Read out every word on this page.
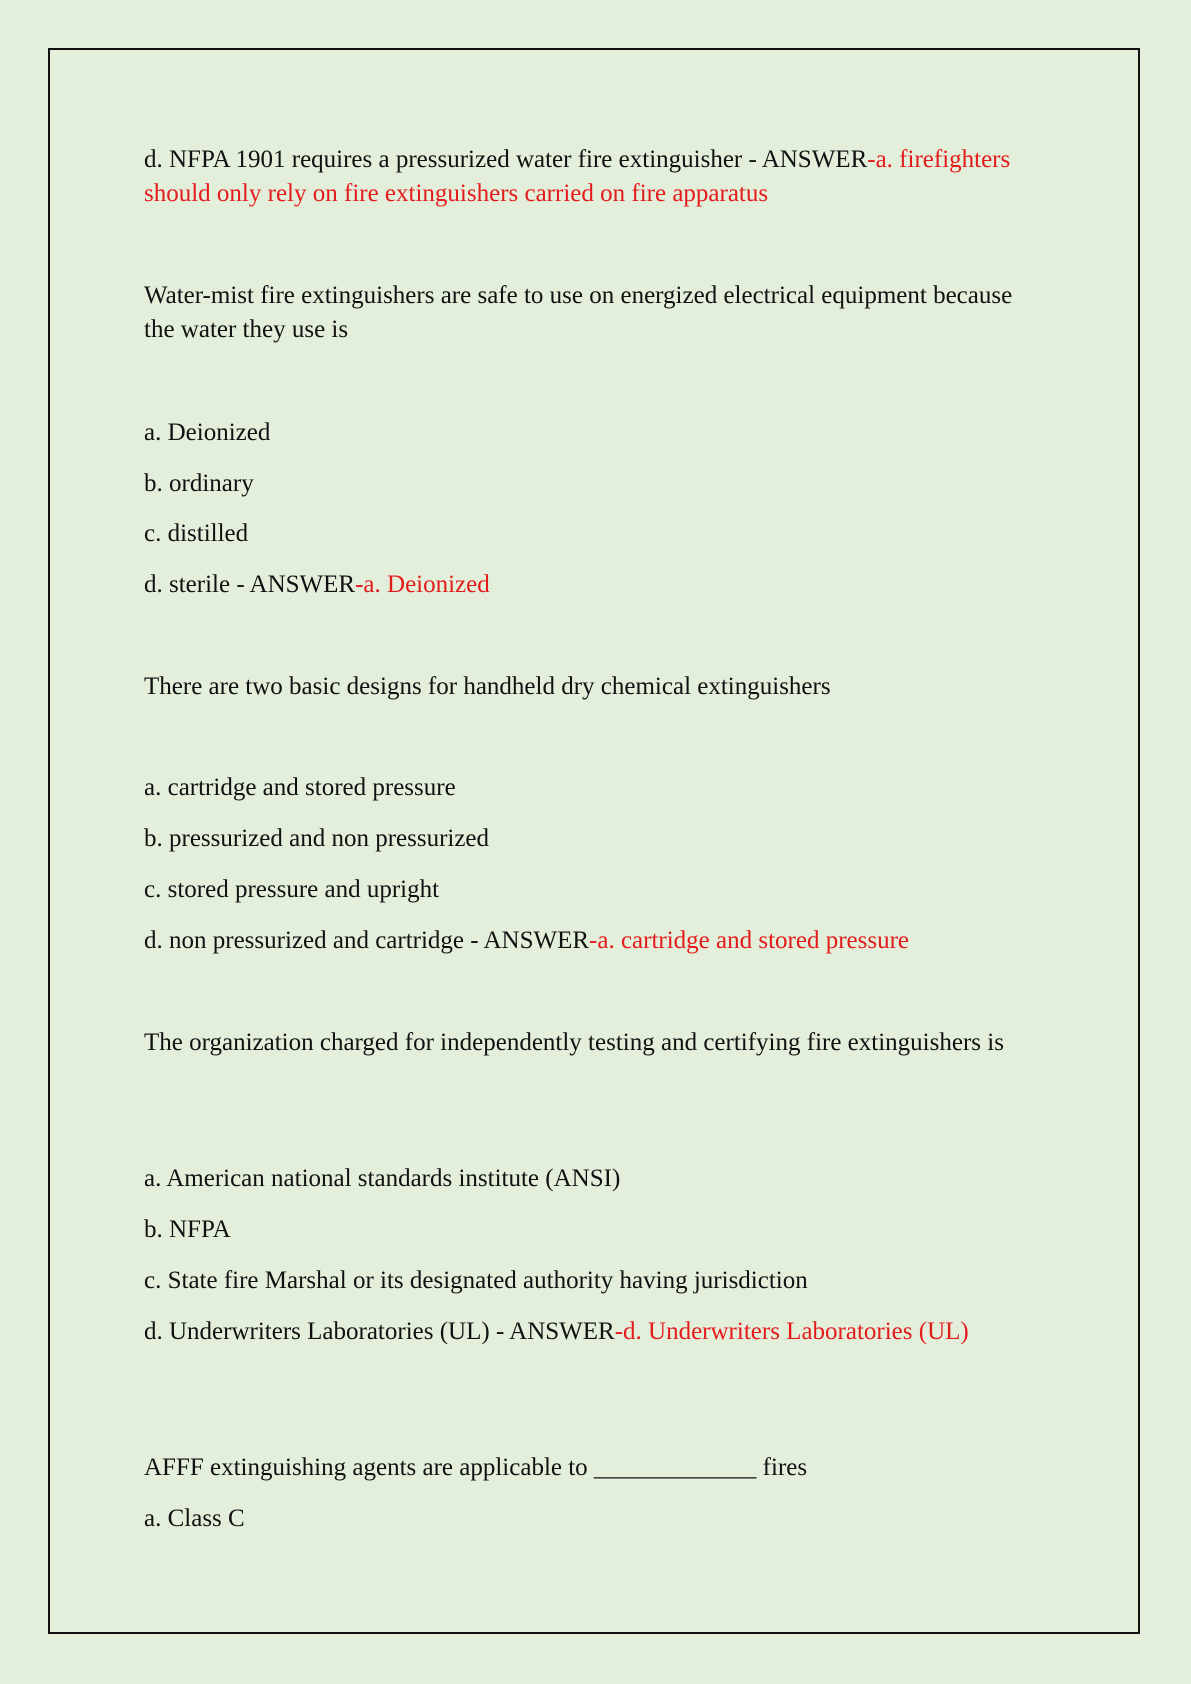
d. NFPA 1901 requires a pressurized water fire extinguisher - ANSWER-a. firefighters should only rely on fire extinguishers carried on fire apparatus
Water-mist fire extinguishers are safe to use on energized electrical equipment because the water they use is
a. Deionized
b. ordinary
c. distilled
d. sterile - ANSWER-a. Deionized
There are two basic designs for handheld dry chemical extinguishers
a. cartridge and stored pressure
b. pressurized and non pressurized
c. stored pressure and upright
d. non pressurized and cartridge - ANSWER-a. cartridge and stored pressure
The organization charged for independently testing and certifying fire extinguishers is
a. American national standards institute (ANSI)
b. NFPA
c. State fire Marshal or its designated authority having jurisdiction
d. Underwriters Laboratories (UL) - ANSWER-d. Underwriters Laboratories (UL)
AFFF extinguishing agents are applicable to _____________ fires
a. Class C
